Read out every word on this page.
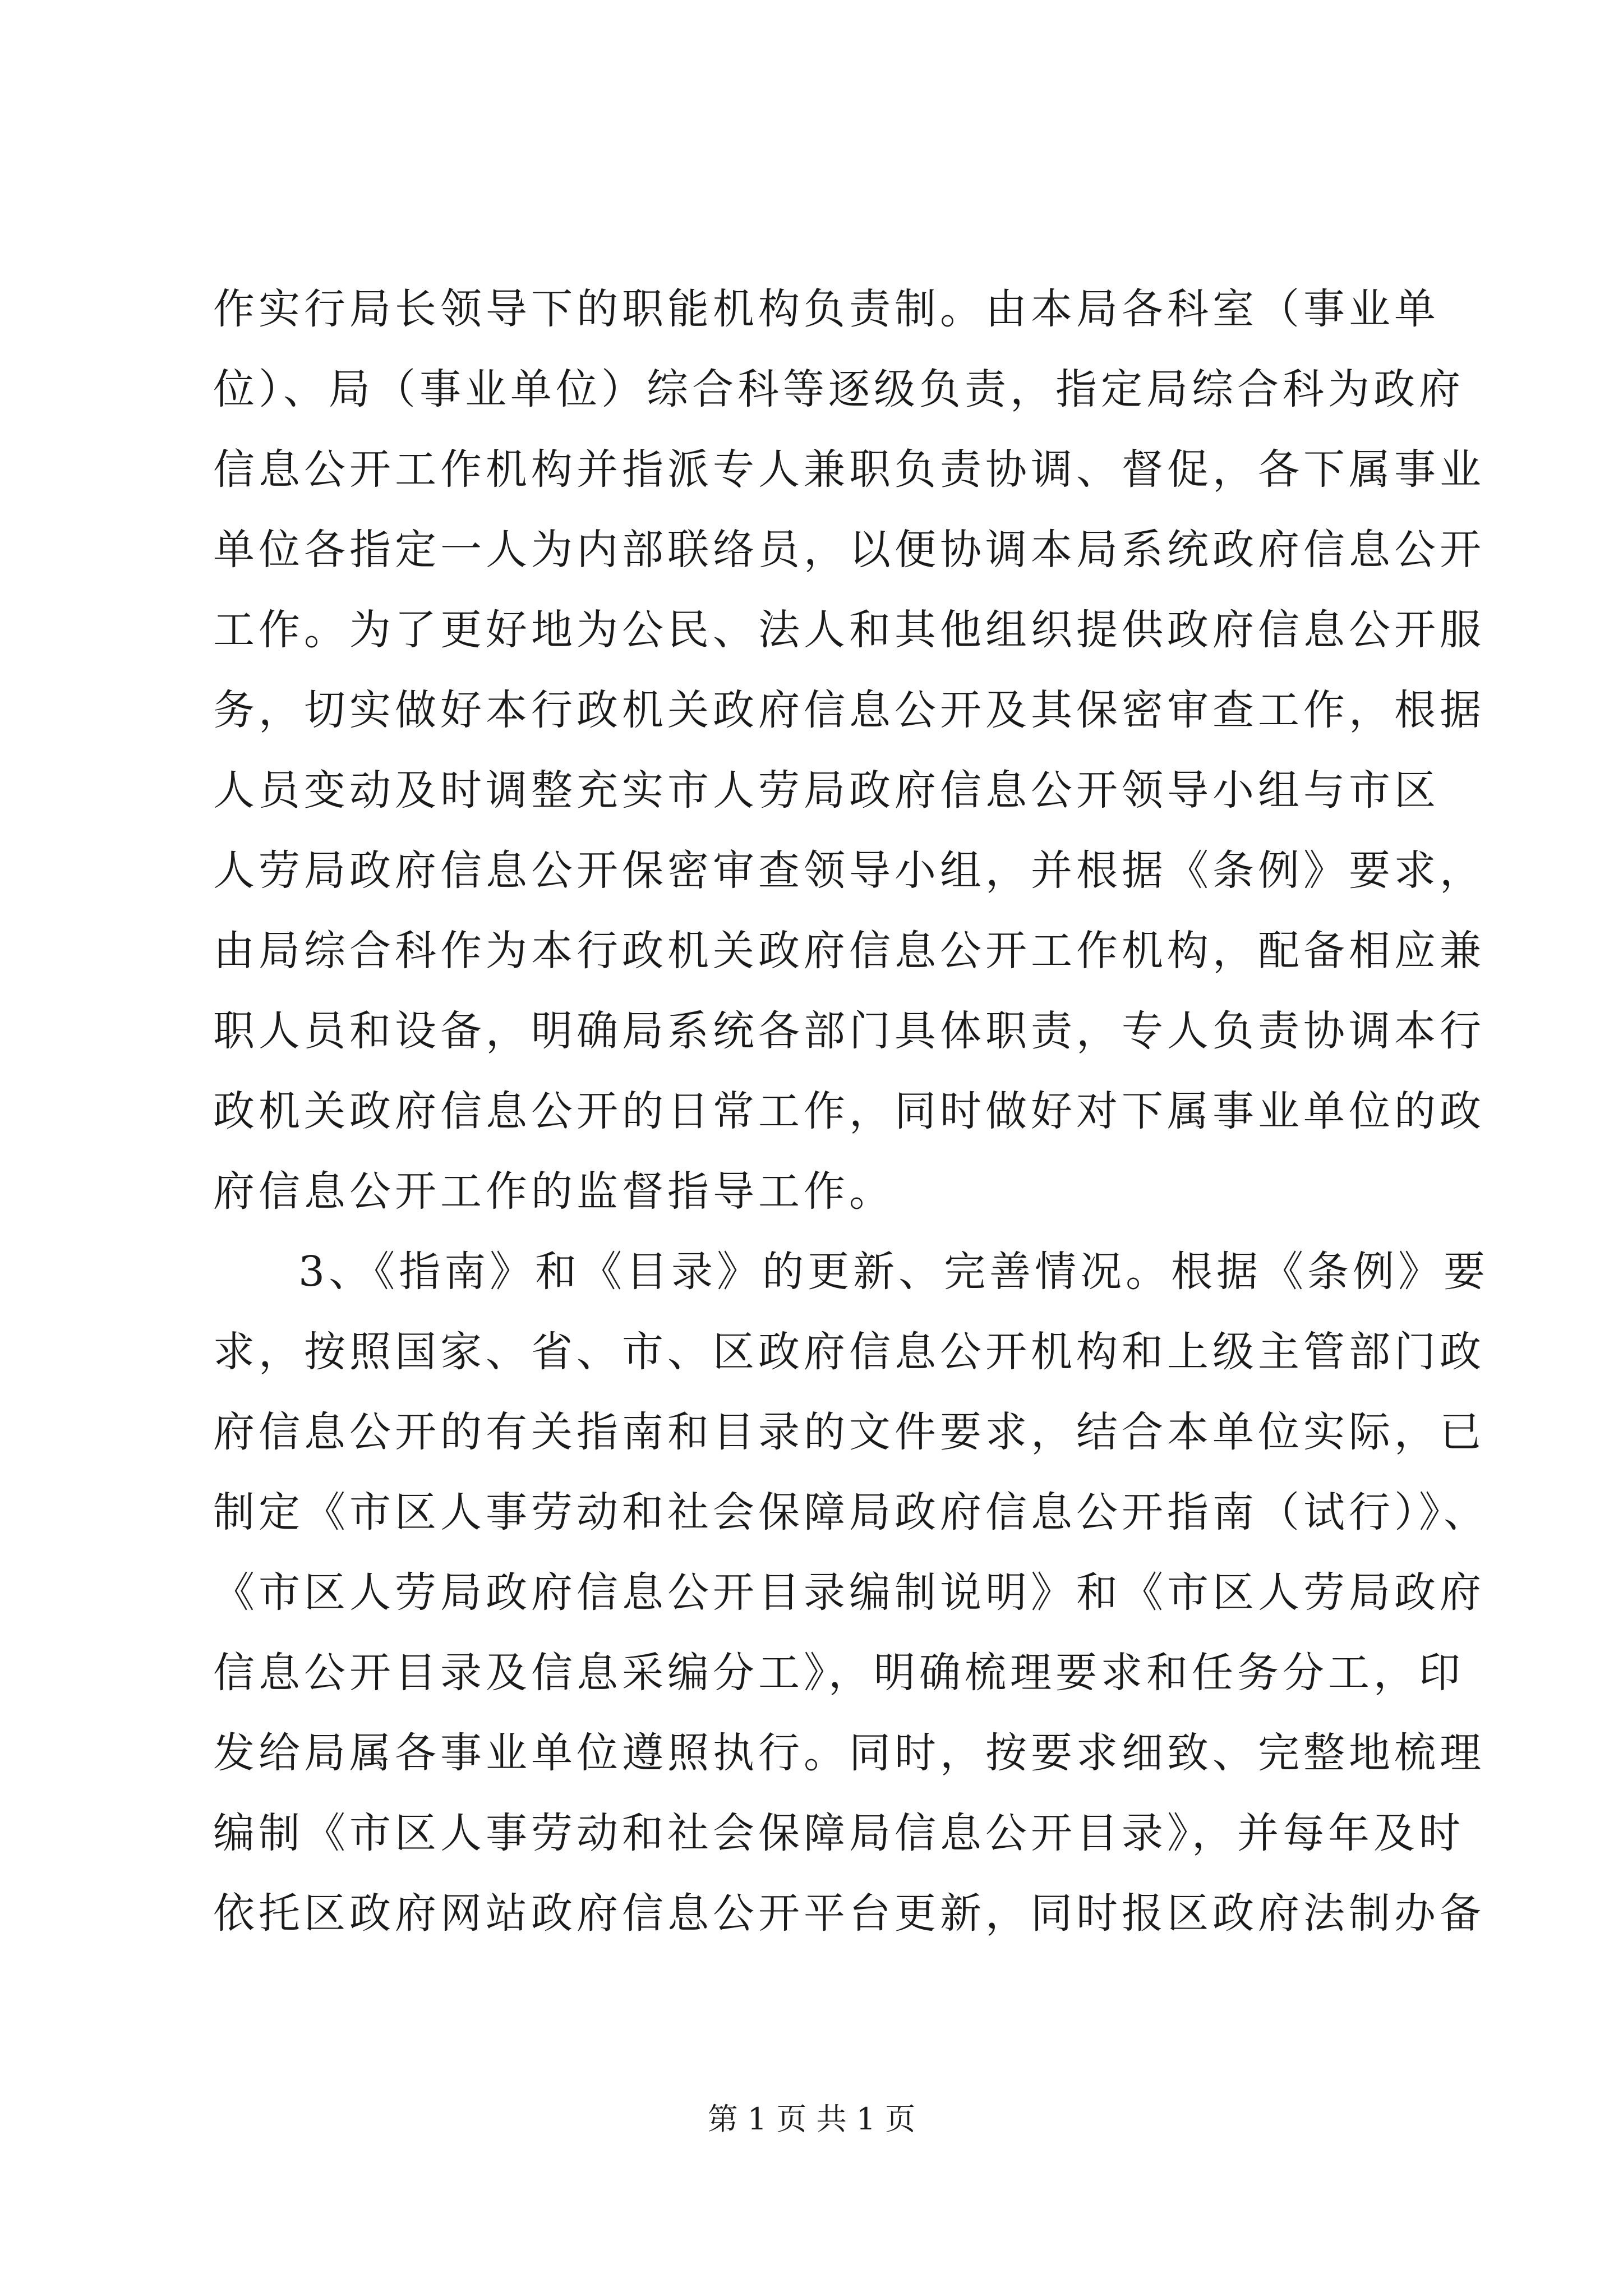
作实行局长领导下的职能机构负责制。由本局各科室（事业单
位）、局（事业单位）综合科等逐级负责，指定局综合科为政府
信息公开工作机构并指派专人兼职负责协调、督促，各下属事业
单位各指定一人为内部联络员，以便协调本局系统政府信息公开
工作。为了更好地为公民、法人和其他组织提供政府信息公开服
务，切实做好本行政机关政府信息公开及其保密审查工作，根据
人员变动及时调整充实市人劳局政府信息公开领导小组与市区
人劳局政府信息公开保密审查领导小组，并根据《条例》要求，
由局综合科作为本行政机关政府信息公开工作机构，配备相应兼
职人员和设备，明确局系统各部门具体职责，专人负责协调本行
政机关政府信息公开的日常工作，同时做好对下属事业单位的政
府信息公开工作的监督指导工作。
3、《指南》和《目录》的更新、完善情况。根据《条例》要
求，按照国家、省、市、区政府信息公开机构和上级主管部门政
府信息公开的有关指南和目录的文件要求，结合本单位实际，已
制定《市区人事劳动和社会保障局政府信息公开指南（试行）》、
《市区人劳局政府信息公开目录编制说明》和《市区人劳局政府
信息公开目录及信息采编分工》，明确梳理要求和任务分工，印
发给局属各事业单位遵照执行。同时，按要求细致、完整地梳理
编制《市区人事劳动和社会保障局信息公开目录》，并每年及时
依托区政府网站政府信息公开平台更新，同时报区政府法制办备
第 1 页 共 1 页
